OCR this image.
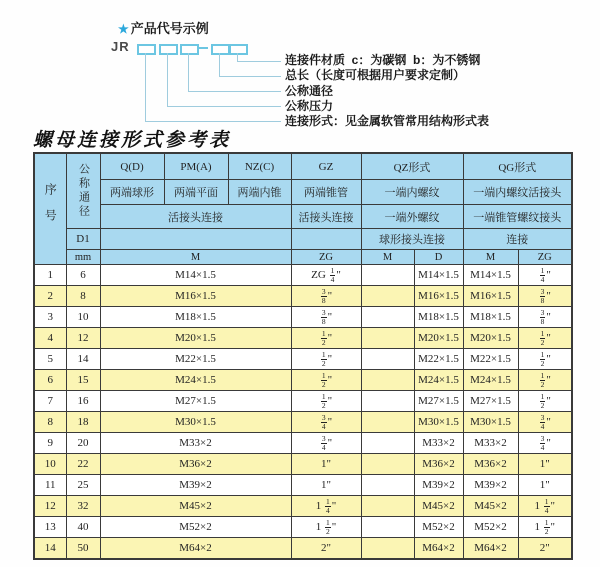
★ 产品代号示例
JR
连接件材质  c：为碳钢  b：为不锈钢
总长（长度可根据用户要求定制）
公称通径
公称压力
连接形式：见金属软管常用结构形式表
螺母连接形式参考表
序号	公称通径	Q(D)	PM(A)	NZ(C)	GZ	QZ形式		QG形式	
		两端球形	两端平面	两端内锥	两端锥管	一端内螺纹		一端内螺纹活接头	
		活接头连接			活接头连接	一端外螺纹		一端锥管螺纹接头	
	D1					球形接头连接		连接	
	mm	M			ZG	M	D	M	ZG
1	6	M14×1.5			ZG $\frac{1}{4}$ "		M14×1.5	M14×1.5	$\frac{1}{4}$ "
2	8	M16×1.5			$\frac{3}{8}$ "		M16×1.5	M16×1.5	$\frac{3}{8}$ "
3	10	M18×1.5			$\frac{3}{8}$ "		M18×1.5	M18×1.5	$\frac{3}{8}$ "
4	12	M20×1.5			$\frac{1}{2}$ "		M20×1.5	M20×1.5	$\frac{1}{2}$ "
5	14	M22×1.5			$\frac{1}{2}$ "		M22×1.5	M22×1.5	$\frac{1}{2}$ "
6	15	M24×1.5			$\frac{1}{2}$ "		M24×1.5	M24×1.5	$\frac{1}{2}$ "
7	16	M27×1.5			$\frac{1}{2}$ "		M27×1.5	M27×1.5	$\frac{1}{2}$ "
8	18	M30×1.5			$\frac{3}{4}$ "		M30×1.5	M30×1.5	$\frac{3}{4}$ "
9	20	M33×2			$\frac{3}{4}$ "		M33×2	M33×2	$\frac{3}{4}$ "
10	22	M36×2			1"		M36×2	M36×2	1"
11	25	M39×2			1"		M39×2	M39×2	1"
12	32	M45×2			$1 \frac{1}{4}$ "		M45×2	M45×2	$1 \frac{1}{4}$ "
13	40	M52×2			$1 \frac{1}{2}$ "		M52×2	M52×2	$1 \frac{1}{2}$ "
14	50	M64×2			2"		M64×2	M64×2	2"
